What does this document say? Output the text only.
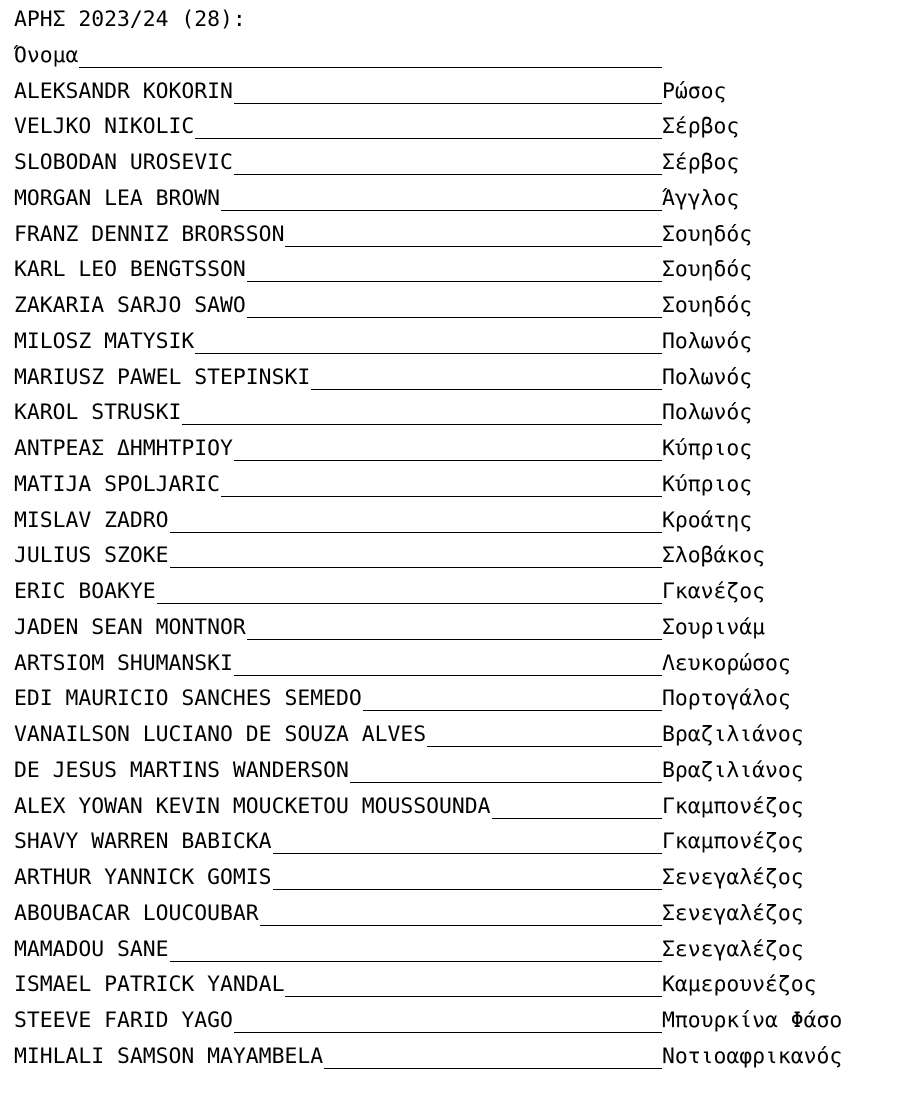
ΑΡΗΣ 2023/24 (28):
Όνομα
ALEKSANDR KOKORIN	Ρώσος
VELJKO NIKOLIC	Σέρβος
SLOBODAN UROSEVIC	Σέρβος
MORGAN LEA BROWN	Άγγλος
FRANZ DENNIZ BRORSSON	Σουηδός
KARL LEO BENGTSSON	Σουηδός
ZAKARIA SARJO SAWO	Σουηδός
MILOSZ MATYSIK	Πολωνός
MARIUSZ PAWEL STEPINSKI	Πολωνός
KAROL STRUSKI	Πολωνός
ΑΝΤΡΕΑΣ ΔΗΜΗΤΡΙΟΥ	Κύπριος
MATIJA SPOLJARIC	Κύπριος
MISLAV ZADRO	Κροάτης
JULIUS SZOKE	Σλοβάκος
ERIC BOAKYE	Γκανέζος
JADEN SEAN MONTNOR	Σουρινάμ
ARTSIOM SHUMANSKI	Λευκορώσος
EDI MAURICIO SANCHES SEMEDO	Πορτογάλος
VANAILSON LUCIANO DE SOUZA ALVES	Βραζιλιάνος
DE JESUS MARTINS WANDERSON	Βραζιλιάνος
ALEX YOWAN KEVIN MOUCKETOU MOUSSOUNDA	Γκαμπονέζος
SHAVY WARREN BABICKA	Γκαμπονέζος
ARTHUR YANNICK GOMIS	Σενεγαλέζος
ABOUBACAR LOUCOUBAR	Σενεγαλέζος
MAMADOU SANE	Σενεγαλέζος
ISMAEL PATRICK YANDAL	Καμερουνέζος
STEEVE FARID YAGO	Μπουρκίνα Φάσο
MIHLALI SAMSON MAYAMBELA	Νοτιοαφρικανός
